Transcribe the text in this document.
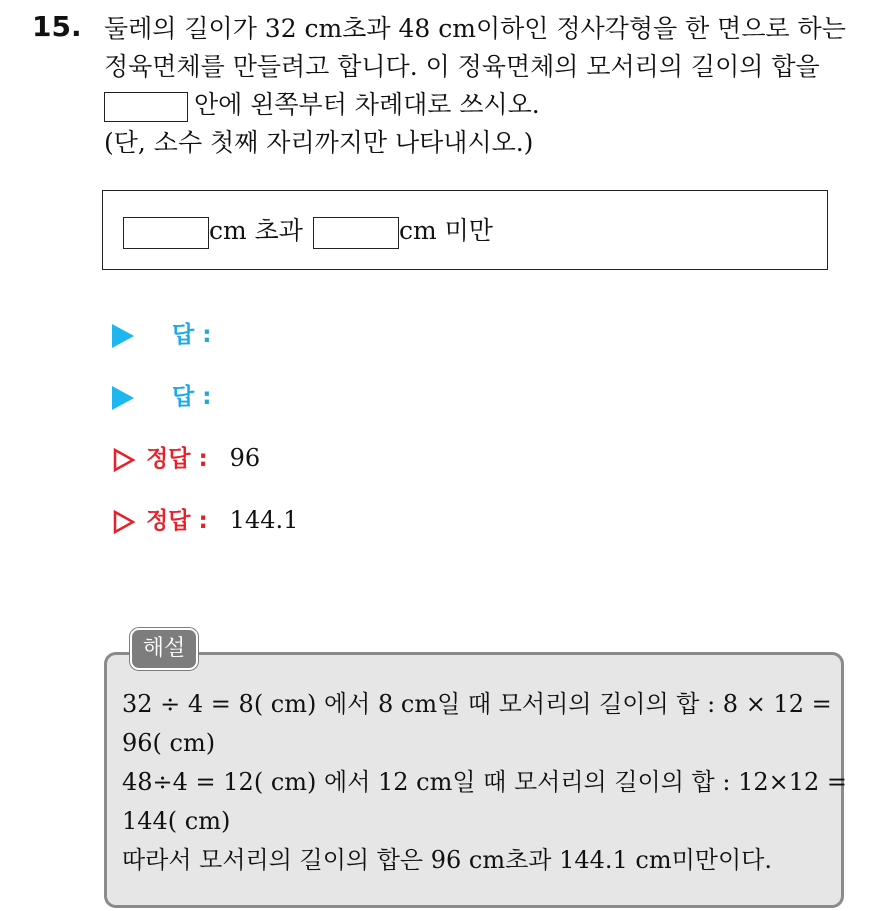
15. 둘레의 길이가 32 cm초과 48 cm이하인 정사각형을 한 면으로 하는
정육면체를 만들려고 합니다. 이 정육면체의 모서리의 길이의 합을
안에 왼쪽부터 차례대로 쓰시오.
(단, 소수 첫째 자리까지만 나타내시오.)
cm 초과	cm 미만
답 :
답 :
정답 : 96
정답 : 144.1
해설
32 ÷ 4 = 8( cm) 에서 8 cm일 때 모서리의 길이의 합 : 8 × 12 =
96( cm)
48÷4 = 12( cm) 에서 12 cm일 때 모서리의 길이의 합 : 12×12 =
144( cm)
따라서 모서리의 길이의 합은 96 cm초과 144.1 cm미만이다.
